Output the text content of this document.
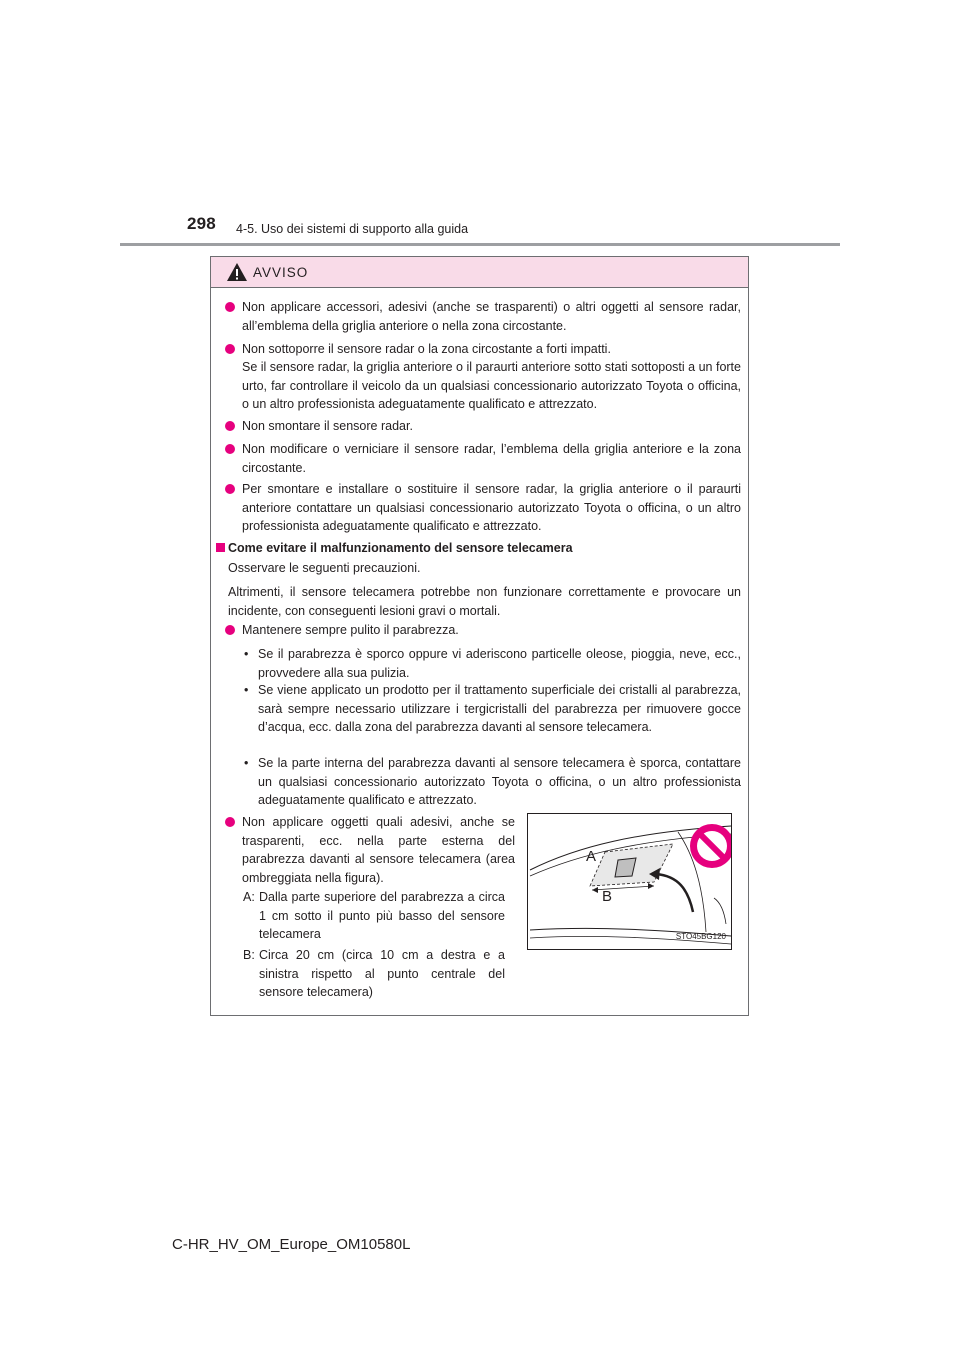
298 4-5. Uso dei sistemi di supporto alla guida
AVVISO
Non applicare accessori, adesivi (anche se trasparenti) o altri oggetti al sensore radar, all’emblema della griglia anteriore o nella zona circostante.
Non sottoporre il sensore radar o la zona circostante a forti impatti.
Se il sensore radar, la griglia anteriore o il paraurti anteriore sotto stati sottoposti a un forte urto, far controllare il veicolo da un qualsiasi concessionario autorizzato Toyota o officina, o un altro professionista adeguatamente qualificato e attrezzato.
Non smontare il sensore radar.
Non modificare o verniciare il sensore radar, l’emblema della griglia anteriore e la zona circostante.
Per smontare e installare o sostituire il sensore radar, la griglia anteriore o il paraurti anteriore contattare un qualsiasi concessionario autorizzato Toyota o officina, o un altro professionista adeguatamente qualificato e attrezzato.
Come evitare il malfunzionamento del sensore telecamera
Osservare le seguenti precauzioni.
Altrimenti, il sensore telecamera potrebbe non funzionare correttamente e provocare un incidente, con conseguenti lesioni gravi o mortali.
Mantenere sempre pulito il parabrezza.
• Se il parabrezza è sporco oppure vi aderiscono particelle oleose, pioggia, neve, ecc., provvedere alla sua pulizia.
• Se viene applicato un prodotto per il trattamento superficiale dei cristalli al parabrezza, sarà sempre necessario utilizzare i tergicristalli del parabrezza per rimuovere gocce d’acqua, ecc. dalla zona del parabrezza davanti al sensore telecamera.
• Se la parte interna del parabrezza davanti al sensore telecamera è sporca, contattare un qualsiasi concessionario autorizzato Toyota o officina, o un altro professionista adeguatamente qualificato e attrezzato.
Non applicare oggetti quali adesivi, anche se trasparenti, ecc. nella parte esterna del parabrezza davanti al sensore telecamera (area ombreggiata nella figura).
A: Dalla parte superiore del parabrezza a circa 1 cm sotto il punto più basso del sensore telecamera
B: Circa 20 cm (circa 10 cm a destra e a sinistra rispetto al punto centrale del sensore telecamera)
A
B
STO45BG120
C-HR_HV_OM_Europe_OM10580L
